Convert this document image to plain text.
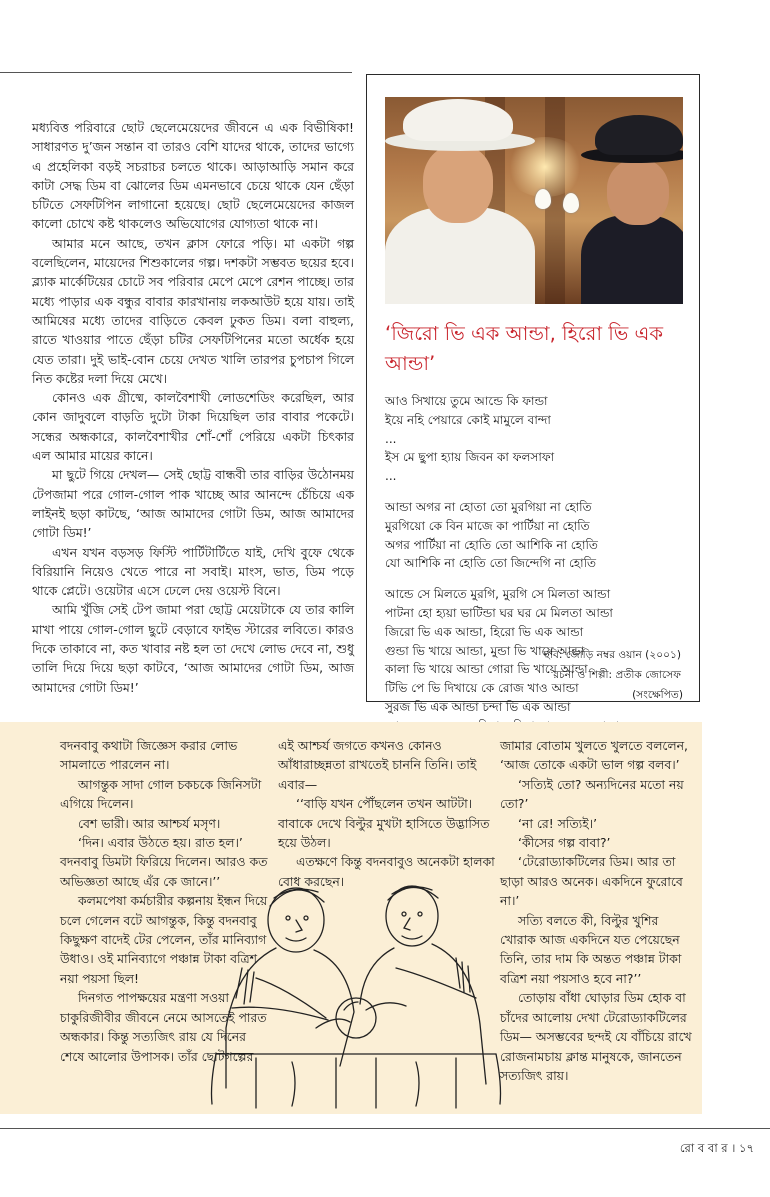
মধ্যবিত্ত পরিবারে ছোট ছেলেমেয়েদের জীবনে এ এক বিভীষিকা! সাধারণত দু’জন সন্তান বা তারও বেশি যাদের থাকে, তাদের ভাগ্যে এ প্রহেলিকা বড়ই সচরাচর চলতে থাকে। আড়াআড়ি সমান করে কাটা সেদ্ধ ডিম বা ঝোলের ডিম এমনভাবে চেয়ে থাকে যেন ছেঁড়া চটিতে সেফটিপিন লাগানো হয়েছে। ছোট ছেলেমেয়েদের কাজল কালো চোখে কষ্ট থাকলেও অভিযোগের যোগ্যতা থাকে না।

আমার মনে আছে, তখন ক্লাস ফোরে পড়ি। মা একটা গল্প বলেছিলেন, মায়েদের শিশুকালের গল্প। দশকটা সম্ভবত ছয়ের হবে। ব্ল্যাক মার্কেটিয়ের চোটে সব পরিবার মেপে মেপে রেশন পাচ্ছে। তার মধ্যে পাড়ার এক বন্ধুর বাবার কারখানায় লকআউট হয়ে যায়। তাই আমিষের মধ্যে তাদের বাড়িতে কেবল ঢুকত ডিম। বলা বাহুল্য, রাতে খাওয়ার পাতে ছেঁড়া চটির সেফটিপিনের মতো অর্ধেক হয়ে যেত তারা। দুই ভাই-বোন চেয়ে দেখত খালি তারপর চুপচাপ গিলে নিত কষ্টের দলা দিয়ে মেখে।

কোনও এক গ্রীষ্মে, কালবৈশাখী লোডশেডিং করেছিল, আর কোন জাদুবলে বাড়তি দুটো টাকা দিয়েছিল তার বাবার পকেটে। সন্ধের অন্ধকারে, কালবৈশাখীর শোঁ-শোঁ পেরিয়ে একটা চিৎকার এল আমার মায়ের কানে।

মা ছুটে গিয়ে দেখল— সেই ছোট্ট বান্ধবী তার বাড়ির উঠোনময় টেপজামা পরে গোল-গোল পাক খাচ্ছে আর আনন্দে চেঁচিয়ে এক লাইনই ছড়া কাটছে, ‘আজ আমাদের গোটা ডিম, আজ আমাদের গোটা ডিম!’

এখন যখন বড়সড় ফিস্টি পার্টিটার্টিতে যাই, দেখি বুফে থেকে বিরিয়ানি নিয়েও খেতে পারে না সবাই। মাংস, ভাত, ডিম পড়ে থাকে প্লেটে। ওয়েটার এসে ঢেলে দেয় ওয়েস্ট বিনে।

আমি খুঁজি সেই টেপ জামা পরা ছোট্ট মেয়েটাকে যে তার কালি মাখা পায়ে গোল-গোল ছুটে বেড়াবে ফাইভ স্টারের লবিতে। কারও দিকে তাকাবে না, কত খাবার নষ্ট হল তা দেখে লোভ দেবে না, শুধু তালি দিয়ে দিয়ে ছড়া কাটবে, ‘আজ আমাদের গোটা ডিম, আজ আমাদের গোটা ডিম!’

‘জিরো ভি এক আন্ডা, হিরো ভি এক আন্ডা’
আও সিখায়ে তুমে আন্ডে কি ফান্ডা
ইয়ে নহি পেয়ারে কোই মামুলে বান্দা
...
ইস মে ছুপা হ্যায় জিবন কা ফলসাফা
...
আন্ডা অগর না হোতা তো মুরগিয়া না হোতি
মুরগিয়ো কে বিন মাজে কা পার্টিয়া না হোতি
অগর পার্টিয়া না হোতি তো আশিকি না হোতি
যো আশিকি না হোতি তো জিন্দেগি না হোতি
আন্ডে সে মিলতে মুরগি, মুরগি সে মিলতা আন্ডা
পাটনা হো হ্যয়া ভাটিন্ডা ঘর ঘর মে মিলতা আন্ডা
জিরো ভি এক আন্ডা, হিরো ভি এক আন্ডা
গুন্ডা ভি খায়ে আন্ডা, মুন্ডা ভি খায়ে আন্ডা
কালা ভি খায়ে আন্ডা গোরা ভি খায়ে আন্ডা
টিভি পে ভি দিখায়ে কে রোজ খাও আন্ডা
সুরজ ভি এক আন্ডা চন্দা ভি এক আন্ডা
ছবি: জোড়ি নম্বর ওয়ান (২০০১)
রচনা ও শিল্পী: প্রতীক জোসেফ
(সংক্ষেপিত)

বদনবাবু কথাটা জিজ্ঞেস করার লোভ সামলাতে পারলেন না।

আগন্তুক সাদা গোল চকচকে জিনিসটা এগিয়ে দিলেন।

বেশ ভারী। আর আশ্চর্য মসৃণ।

‘দিন। এবার উঠতে হয়। রাত হল।’ বদনবাবু ডিমটা ফিরিয়ে দিলেন। আরও কত অভিজ্ঞতা আছে এঁর কে জানে।’’

কলমপেষা কর্মচারীর কল্পনায় ইন্ধন দিয়ে চলে গেলেন বটে আগন্তুক, কিন্তু বদনবাবু কিছুক্ষণ বাদেই টের পেলেন, তাঁর মানিব্যাগ উধাও। ওই মানিব্যাগে পঞ্চান্ন টাকা বত্রিশ নয়া পয়সা ছিল!

দিনগত পাপক্ষয়ের মন্ত্রণা সওয়া চাকুরিজীবীর জীবনে নেমে আসতেই পারত অন্ধকার। কিন্তু সত্যজিৎ রায় যে দিনের শেষে আলোর উপাসক। তাঁর ছোটগল্পের

এই আশ্চর্য জগতে কখনও কোনও আঁধারাচ্ছন্নতা রাখতেই চাননি তিনি। তাই এবার—

‘‘বাড়ি যখন পৌঁছলেন তখন আটটা। বাবাকে দেখে বিল্টুর মুখটা হাসিতে উদ্ভাসিত হয়ে উঠল।

এতক্ষণে কিন্তু বদনবাবুও অনেকটা হালকা বোধ করছেন।

জামার বোতাম খুলতে খুলতে বললেন, ‘আজ তোকে একটা ভাল গল্প বলব।’

‘সত্যিই তো? অন্যদিনের মতো নয় তো?’

‘না রে! সত্যিই।’

‘কীসের গল্প বাবা?’

‘টেরোড্যাকটিলের ডিম। আর তা ছাড়া আরও অনেক। একদিনে ফুরোবে না।’

সত্যি বলতে কী, বিল্টুর খুশির খোরাক আজ একদিনে যত পেয়েছেন তিনি, তার দাম কি অন্তত পঞ্চান্ন টাকা বত্রিশ নয়া পয়সাও হবে না?’’

তোড়ায় বাঁধা ঘোড়ার ডিম হোক বা চাঁদের আলোয় দেখা টেরোড্যাকটিলের ডিম— অসম্ভবের ছন্দই যে বাঁচিয়ে রাখে রোজনামচায় ক্লান্ত মানুষকে, জানতেন সত্যজিৎ রায়।

রো ব বা র । ১৭
